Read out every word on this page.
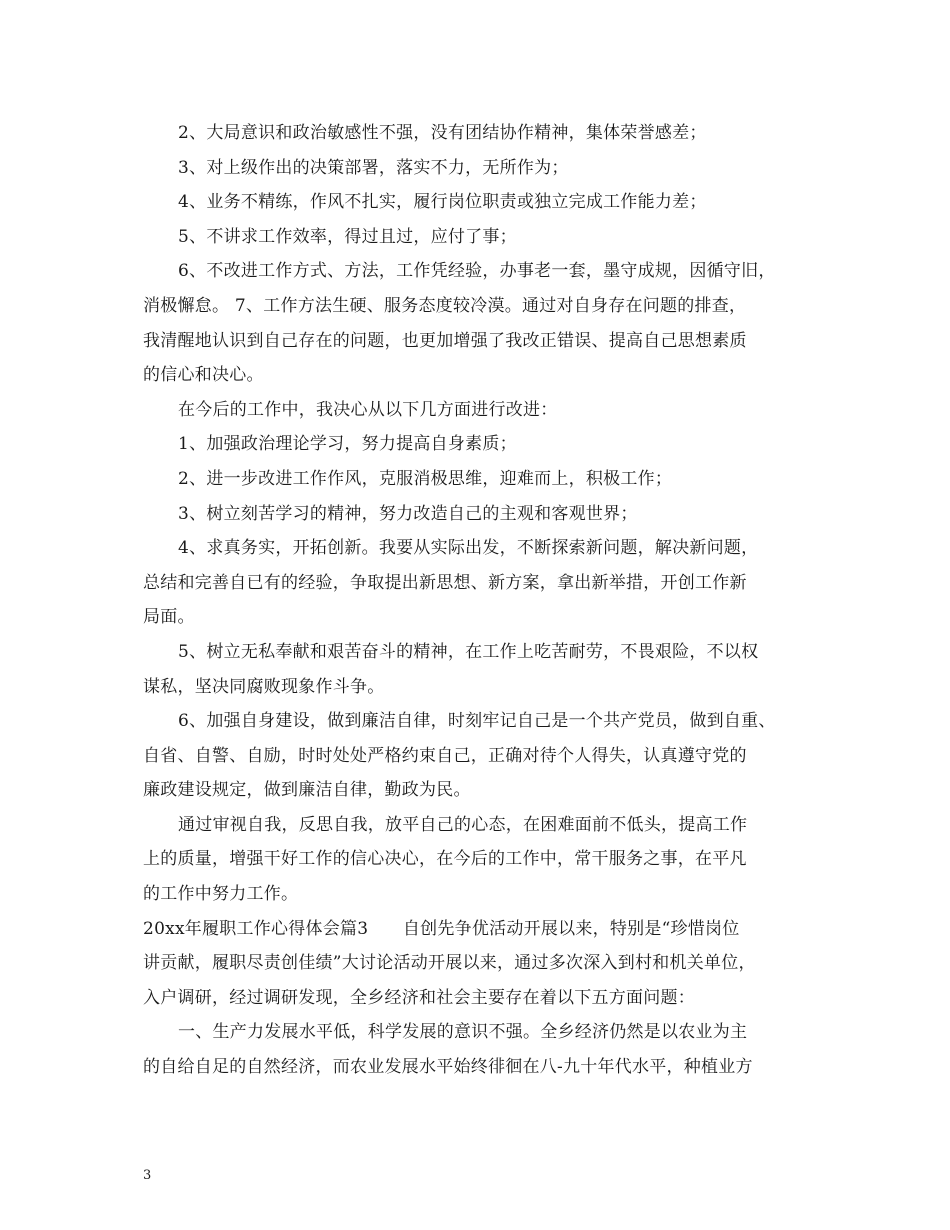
2、大局意识和政治敏感性不强，没有团结协作精神，集体荣誉感差；
3、对上级作出的决策部署，落实不力，无所作为；
4、业务不精练，作风不扎实，履行岗位职责或独立完成工作能力差；
5、不讲求工作效率，得过且过，应付了事；
6、不改进工作方式、方法，工作凭经验，办事老一套，墨守成规，因循守旧，
消极懈怠。 7、工作方法生硬、服务态度较冷漠。通过对自身存在问题的排查，
我清醒地认识到自己存在的问题，也更加增强了我改正错误、提高自己思想素质
的信心和决心。
在今后的工作中，我决心从以下几方面进行改进：
1、加强政治理论学习，努力提高自身素质；
2、进一步改进工作作风，克服消极思维，迎难而上，积极工作；
3、树立刻苦学习的精神，努力改造自己的主观和客观世界；
4、求真务实，开拓创新。我要从实际出发，不断探索新问题，解决新问题，
总结和完善自已有的经验，争取提出新思想、新方案，拿出新举措，开创工作新
局面。
5、树立无私奉献和艰苦奋斗的精神，在工作上吃苦耐劳，不畏艰险，不以权
谋私，坚决同腐败现象作斗争。
6、加强自身建设，做到廉洁自律，时刻牢记自己是一个共产党员，做到自重、
自省、自警、自励，时时处处严格约束自己，正确对待个人得失，认真遵守党的
廉政建设规定，做到廉洁自律，勤政为民。
通过审视自我，反思自我，放平自己的心态，在困难面前不低头，提高工作
上的质量，增强干好工作的信心决心，在今后的工作中，常干服务之事，在平凡
的工作中努力工作。
20xx年履职工作心得体会篇3　　自创先争优活动开展以来，特别是“珍惜岗位
讲贡献，履职尽责创佳绩”大讨论活动开展以来，通过多次深入到村和机关单位，
入户调研，经过调研发现，全乡经济和社会主要存在着以下五方面问题：
一、生产力发展水平低，科学发展的意识不强。全乡经济仍然是以农业为主
的自给自足的自然经济，而农业发展水平始终徘徊在八-九十年代水平，种植业方
3
